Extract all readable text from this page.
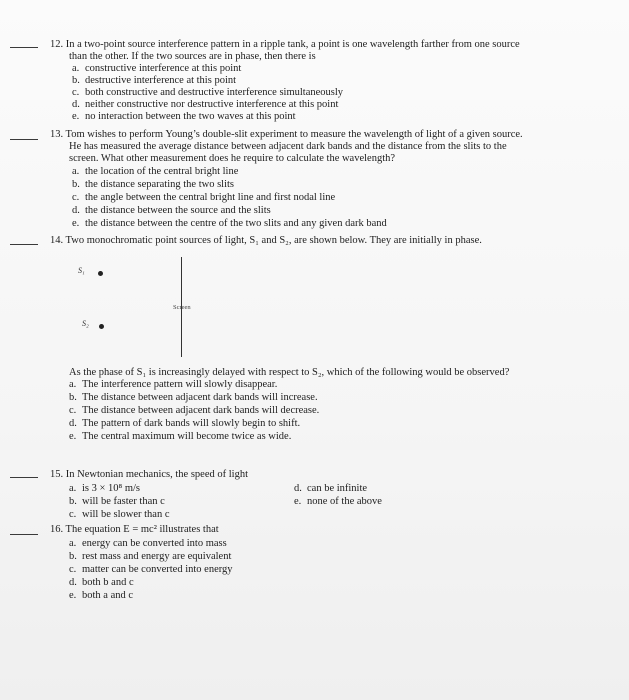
12. In a two-point source interference pattern in a ripple tank, a point is one wavelength farther from one source
than the other. If the two sources are in phase, then there is
a. constructive interference at this point
b. destructive interference at this point
c. both constructive and destructive interference simultaneously
d. neither constructive nor destructive interference at this point
e. no interaction between the two waves at this point
13. Tom wishes to perform Young’s double-slit experiment to measure the wavelength of light of a given source.
He has measured the average distance between adjacent dark bands and the distance from the slits to the
screen. What other measurement does he require to calculate the wavelength?
a. the location of the central bright line
b. the distance separating the two slits
c. the angle between the central bright line and first nodal line
d. the distance between the source and the slits
e. the distance between the centre of the two slits and any given dark band
14. Two monochromatic point sources of light, S₁ and S₂, are shown below. They are initially in phase.
S₁
S₂
Screen
As the phase of S₁ is increasingly delayed with respect to S₂, which of the following would be observed?
a. The interference pattern will slowly disappear.
b. The distance between adjacent dark bands will increase.
c. The distance between adjacent dark bands will decrease.
d. The pattern of dark bands will slowly begin to shift.
e. The central maximum will become twice as wide.
15. In Newtonian mechanics, the speed of light
a. is 3 × 10⁸ m/s
b. will be faster than c
c. will be slower than c
d. can be infinite
e. none of the above
16. The equation E = mc² illustrates that
a. energy can be converted into mass
b. rest mass and energy are equivalent
c. matter can be converted into energy
d. both b and c
e. both a and c
